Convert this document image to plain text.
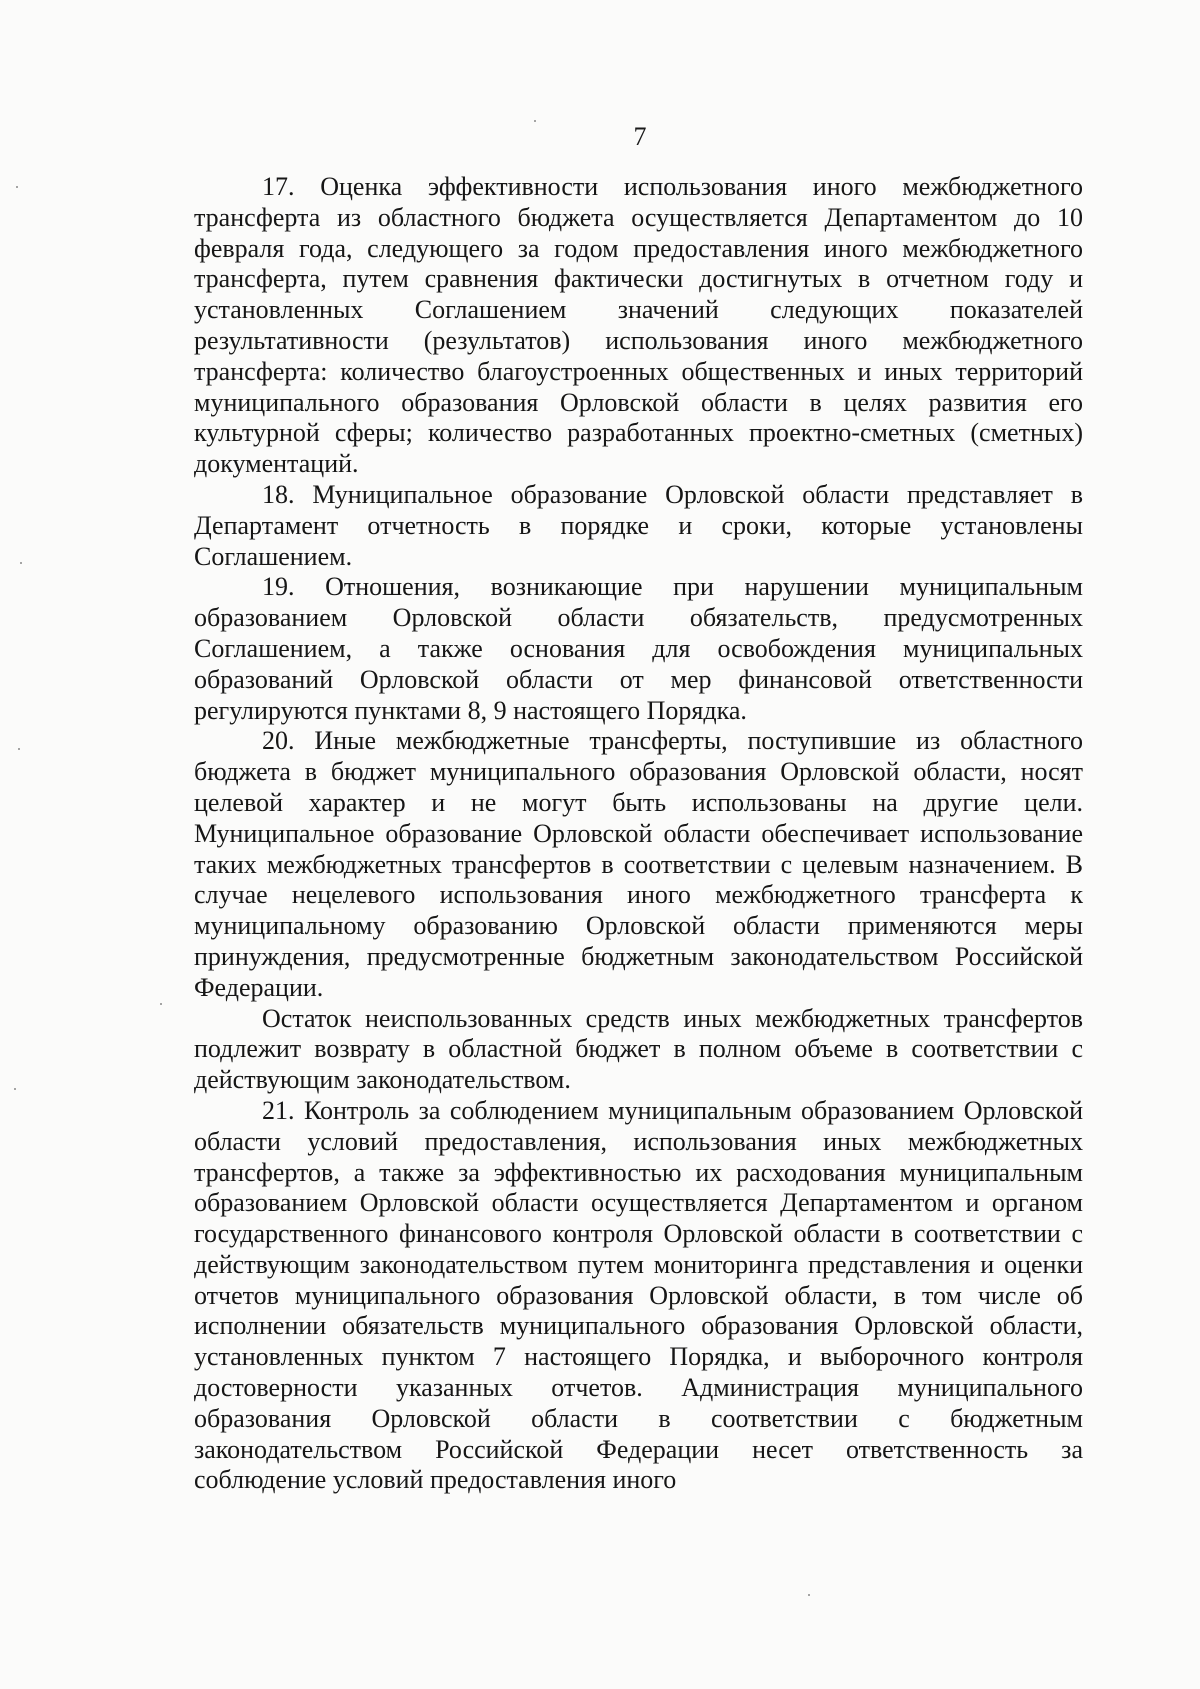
7

17. Оценка эффективности использования иного межбюджетного трансферта из областного бюджета осуществляется Департаментом до 10 февраля года, следующего за годом предоставления иного межбюджетного трансферта, путем сравнения фактически достигнутых в отчетном году и установленных Соглашением значений следующих показателей результативности (результатов) использования иного межбюджетного трансферта: количество благоустроенных общественных и иных территорий муниципального образования Орловской области в целях развития его культурной сферы; количество разработанных проектно-сметных (сметных) документаций.

18. Муниципальное образование Орловской области представляет в Департамент отчетность в порядке и сроки, которые установлены Соглашением.

19. Отношения, возникающие при нарушении муниципальным образованием Орловской области обязательств, предусмотренных Соглашением, а также основания для освобождения муниципальных образований Орловской области от мер финансовой ответственности регулируются пунктами 8, 9 настоящего Порядка.

20. Иные межбюджетные трансферты, поступившие из областного бюджета в бюджет муниципального образования Орловской области, носят целевой характер и не могут быть использованы на другие цели. Муниципальное образование Орловской области обеспечивает использование таких межбюджетных трансфертов в соответствии с целевым назначением. В случае нецелевого использования иного межбюджетного трансферта к муниципальному образованию Орловской области применяются меры принуждения, предусмотренные бюджетным законодательством Российской Федерации.

Остаток неиспользованных средств иных межбюджетных трансфертов подлежит возврату в областной бюджет в полном объеме в соответствии с действующим законодательством.

21. Контроль за соблюдением муниципальным образованием Орловской области условий предоставления, использования иных межбюджетных трансфертов, а также за эффективностью их расходования муниципальным образованием Орловской области осуществляется Департаментом и органом государственного финансового контроля Орловской области в соответствии с действующим законодательством путем мониторинга представления и оценки отчетов муниципального образования Орловской области, в том числе об исполнении обязательств муниципального образования Орловской области, установленных пунктом 7 настоящего Порядка, и выборочного контроля достоверности указанных отчетов. Администрация муниципального образования Орловской области в соответствии с бюджетным законодательством Российской Федерации несет ответственность за соблюдение условий предоставления иного
